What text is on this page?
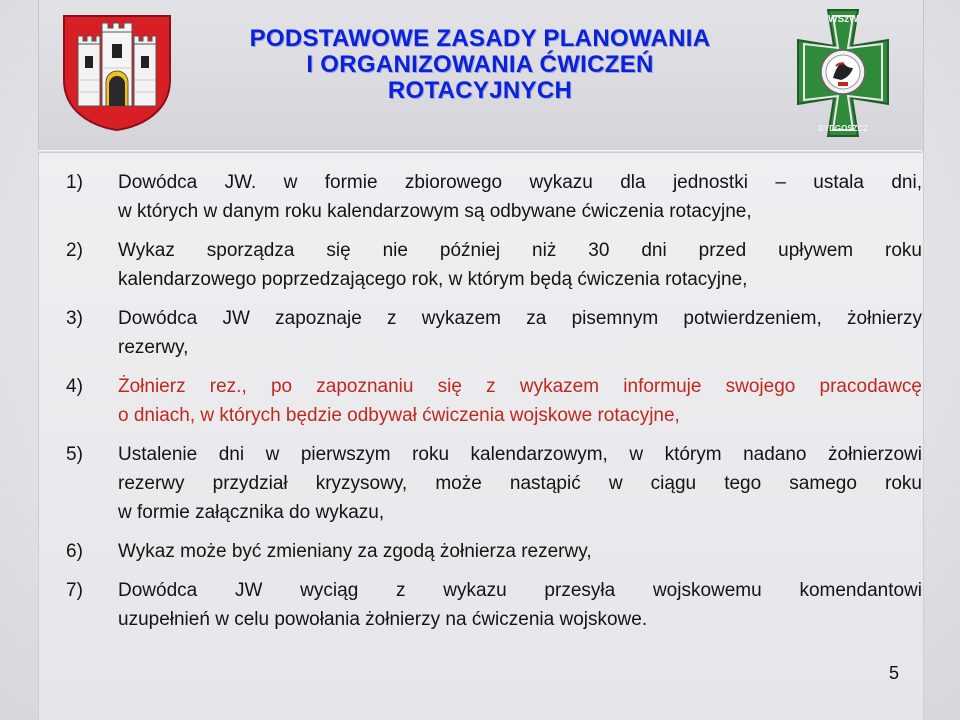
PODSTAWOWE ZASADY PLANOWANIA
I ORGANIZOWANIA ĆWICZEŃ
ROTACYJNYCH
WSzW
BYDGOSZCZ
1)	Dowódca JW. w formie zbiorowego wykazu dla jednostki – ustala dni,
w których w danym roku kalendarzowym są odbywane ćwiczenia rotacyjne,
2)	Wykaz sporządza się nie później niż 30 dni przed upływem roku
kalendarzowego poprzedzającego rok, w którym będą ćwiczenia rotacyjne,
3)	Dowódca JW zapoznaje z wykazem za pisemnym potwierdzeniem, żołnierzy
rezerwy,
4)	Żołnierz rez., po zapoznaniu się z wykazem informuje swojego pracodawcę
o dniach, w których będzie odbywał ćwiczenia wojskowe rotacyjne,
5)	Ustalenie dni w pierwszym roku kalendarzowym, w którym nadano żołnierzowi
rezerwy przydział kryzysowy, może nastąpić w ciągu tego samego roku
w formie załącznika do wykazu,
6)	Wykaz może być zmieniany za zgodą żołnierza rezerwy,
7)	Dowódca JW wyciąg z wykazu przesyła wojskowemu komendantowi
uzupełnień w celu powołania żołnierzy na ćwiczenia wojskowe.
5
